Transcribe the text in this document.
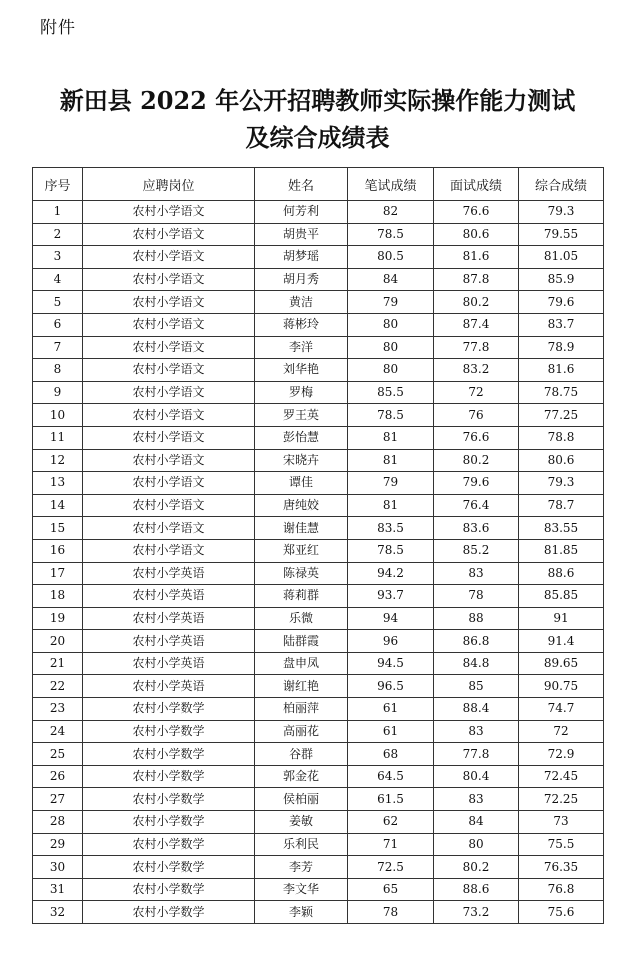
附件
新田县 2022 年公开招聘教师实际操作能力测试
及综合成绩表
序号	应聘岗位	姓名	笔试成绩	面试成绩	综合成绩
1	农村小学语文	何芳利	82	76.6	79.3
2	农村小学语文	胡贵平	78.5	80.6	79.55
3	农村小学语文	胡梦瑶	80.5	81.6	81.05
4	农村小学语文	胡月秀	84	87.8	85.9
5	农村小学语文	黄洁	79	80.2	79.6
6	农村小学语文	蒋彬玲	80	87.4	83.7
7	农村小学语文	李洋	80	77.8	78.9
8	农村小学语文	刘华艳	80	83.2	81.6
9	农村小学语文	罗梅	85.5	72	78.75
10	农村小学语文	罗王英	78.5	76	77.25
11	农村小学语文	彭怡慧	81	76.6	78.8
12	农村小学语文	宋晓卉	81	80.2	80.6
13	农村小学语文	谭佳	79	79.6	79.3
14	农村小学语文	唐纯姣	81	76.4	78.7
15	农村小学语文	谢佳慧	83.5	83.6	83.55
16	农村小学语文	郑亚红	78.5	85.2	81.85
17	农村小学英语	陈禄英	94.2	83	88.6
18	农村小学英语	蒋莉群	93.7	78	85.85
19	农村小学英语	乐微	94	88	91
20	农村小学英语	陆群霞	96	86.8	91.4
21	农村小学英语	盘申凤	94.5	84.8	89.65
22	农村小学英语	谢红艳	96.5	85	90.75
23	农村小学数学	柏丽萍	61	88.4	74.7
24	农村小学数学	高丽花	61	83	72
25	农村小学数学	谷群	68	77.8	72.9
26	农村小学数学	郭金花	64.5	80.4	72.45
27	农村小学数学	侯柏丽	61.5	83	72.25
28	农村小学数学	姜敏	62	84	73
29	农村小学数学	乐利民	71	80	75.5
30	农村小学数学	李芳	72.5	80.2	76.35
31	农村小学数学	李文华	65	88.6	76.8
32	农村小学数学	李颖	78	73.2	75.6
